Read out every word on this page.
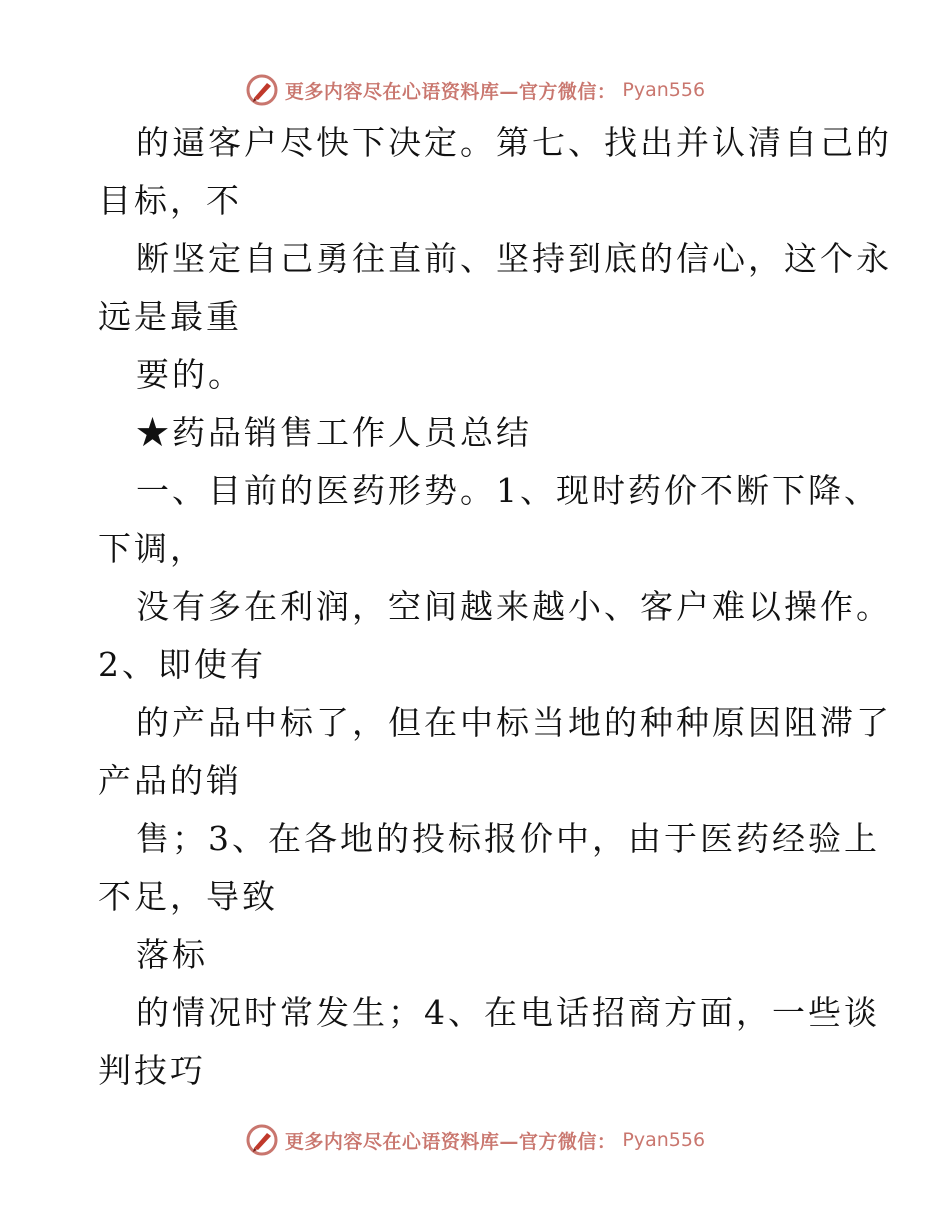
更多内容尽在心语资料库—官方微信： Pyan556
的逼客户尽快下决定。第七、找出并认清自己的
目标，不
断坚定自己勇往直前、坚持到底的信心，这个永
远是最重
要的。
★药品销售工作人员总结
一、目前的医药形势。1、现时药价不断下降、
下调，
没有多在利润，空间越来越小、客户难以操作。
2、即使有
的产品中标了，但在中标当地的种种原因阻滞了
产品的销
售；3、在各地的投标报价中，由于医药经验上
不足，导致
落标
的情况时常发生；4、在电话招商方面，一些谈
判技巧
更多内容尽在心语资料库—官方微信： Pyan556
